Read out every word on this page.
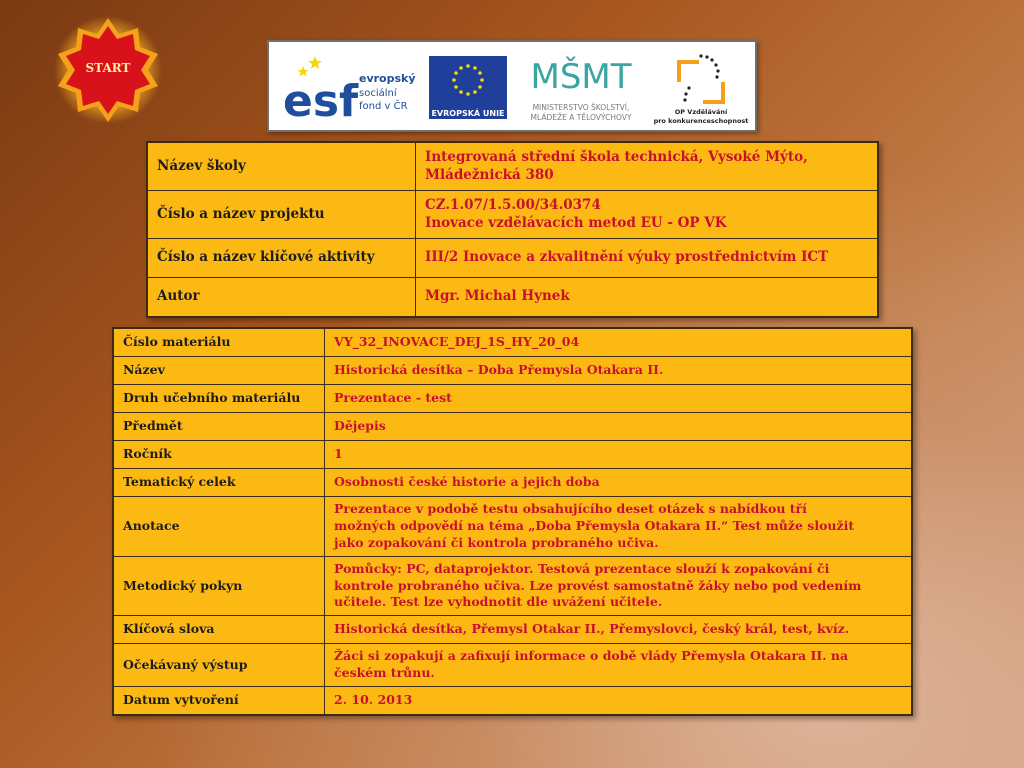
START
esf evropský
sociální
fond v ČR
EVROPSKÁ UNIE
MŠMT
MINISTERSTVO ŠKOLSTVÍ,
MLÁDEŽE A TĚLOVÝCHOVY
OP Vzdělávání
pro konkurenceschopnost
Název školy	Integrovaná střední škola technická, Vysoké Mýto,
Mládežnická 380

Číslo a název projektu	CZ.1.07/1.5.00/34.0374
Inovace vzdělávacích metod EU - OP VK

Číslo a název klíčové aktivity	III/2 Inovace a zkvalitnění výuky prostřednictvím ICT

Autor	Mgr. Michal Hynek
Číslo materiálu	VY_32_INOVACE_DEJ_1S_HY_20_04

Název	Historická desítka – Doba Přemysla Otakara II.

Druh učebního materiálu	Prezentace - test

Předmět	Dějepis

Ročník	1

Tematický celek	Osobnosti české historie a jejich doba

Anotace	Prezentace v podobě testu obsahujícího deset otázek s nabídkou tří
možných odpovědí na téma „Doba Přemysla Otakara II.“ Test může sloužit
jako zopakování či kontrola probraného učiva.

Metodický pokyn	Pomůcky: PC, dataprojektor. Testová prezentace slouží k zopakování či
kontrole probraného učiva. Lze provést samostatně žáky nebo pod vedením
učitele. Test lze vyhodnotit dle uvážení učitele.

Klíčová slova	Historická desítka, Přemysl Otakar II., Přemyslovci, český král, test, kvíz.

Očekávaný výstup	Žáci si zopakují a zafixují informace o době vlády Přemysla Otakara II. na
českém trůnu.

Datum vytvoření	2. 10. 2013
